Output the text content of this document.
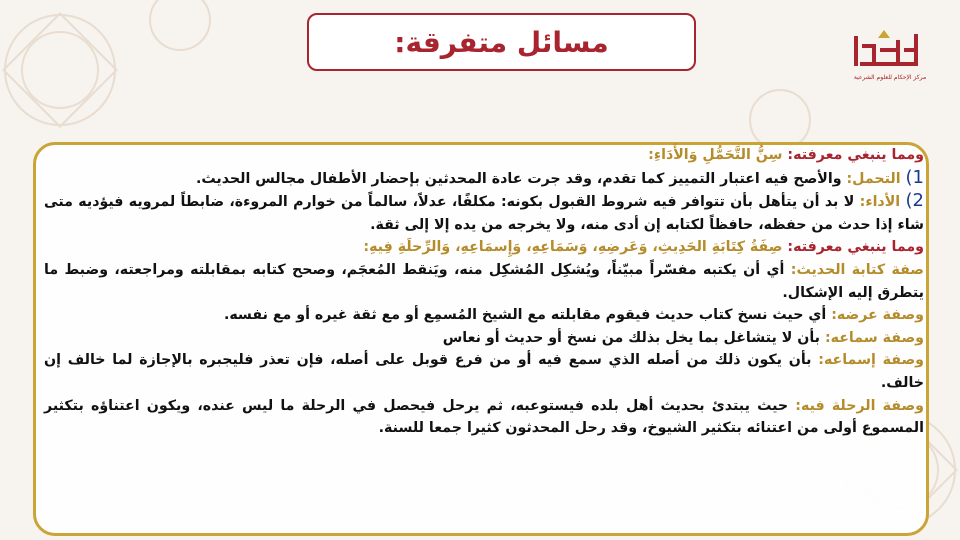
مسائل متفرقة:
مركز الإحكام للعلوم الشرعية

ومما ينبغي معرفته: سِنُّ التَّحَمُّلِ وَالأَدَاءِ:

1) التحمل: والأصح فيه اعتبار التمييز كما تقدم، وقد جرت عادة المحدثين بإحضار الأطفال مجالس الحديث.

2) الأداء: لا بد أن يتأهل بأن تتوافر فيه شروط القبول بكونه: مكلفًا، عدلاً، سالماً من خوارم المروءة، ضابطاً لمرويه فيؤديه متى شاء إذا حدث من حفظه، حافظاً لكتابه إن أدى منه، ولا يخرجه من يده إلا إلى ثقة.

ومما ينبغي معرفته: صِفَةُ كِتَابَةِ الحَدِيثِ، وَعَرضِهِ، وَسَمَاعِهِ، وَإِسمَاعِهِ، وَالرِّحلَةِ فِيهِ:

صفة كتابة الحديث: أي أن يكتبه مفسّراً مبيّناً، ويُشكِل المُشكِل منه، ويَنقط المُعجَم، وصحح كتابه بمقابلته ومراجعته، وضبط ما يتطرق إليه الإشكال.

وصفة عرضه: أي حيث نسخ كتاب حديث فيقوم مقابلته مع الشيخ المُسمِع أو مع ثقة غيره أو مع نفسه.

وصفة سماعه: بأن لا يتشاغل بما يخل بذلك من نسخ أو حديث أو نعاس

وصفة إسماعه: بأن يكون ذلك من أصله الذي سمع فيه أو من فرع قوبل على أصله، فإن تعذر فليجبره بالإجازة لما خالف إن خالف.

وصفة الرحلة فيه: حيث يبتدئ بحديث أهل بلده فيستوعبه، ثم يرحل فيحصل في الرحلة ما ليس عنده، ويكون اعتناؤه بتكثير المسموع أولى من اعتنائه بتكثير الشيوخ، وقد رحل المحدثون كثيرا جمعا للسنة.
